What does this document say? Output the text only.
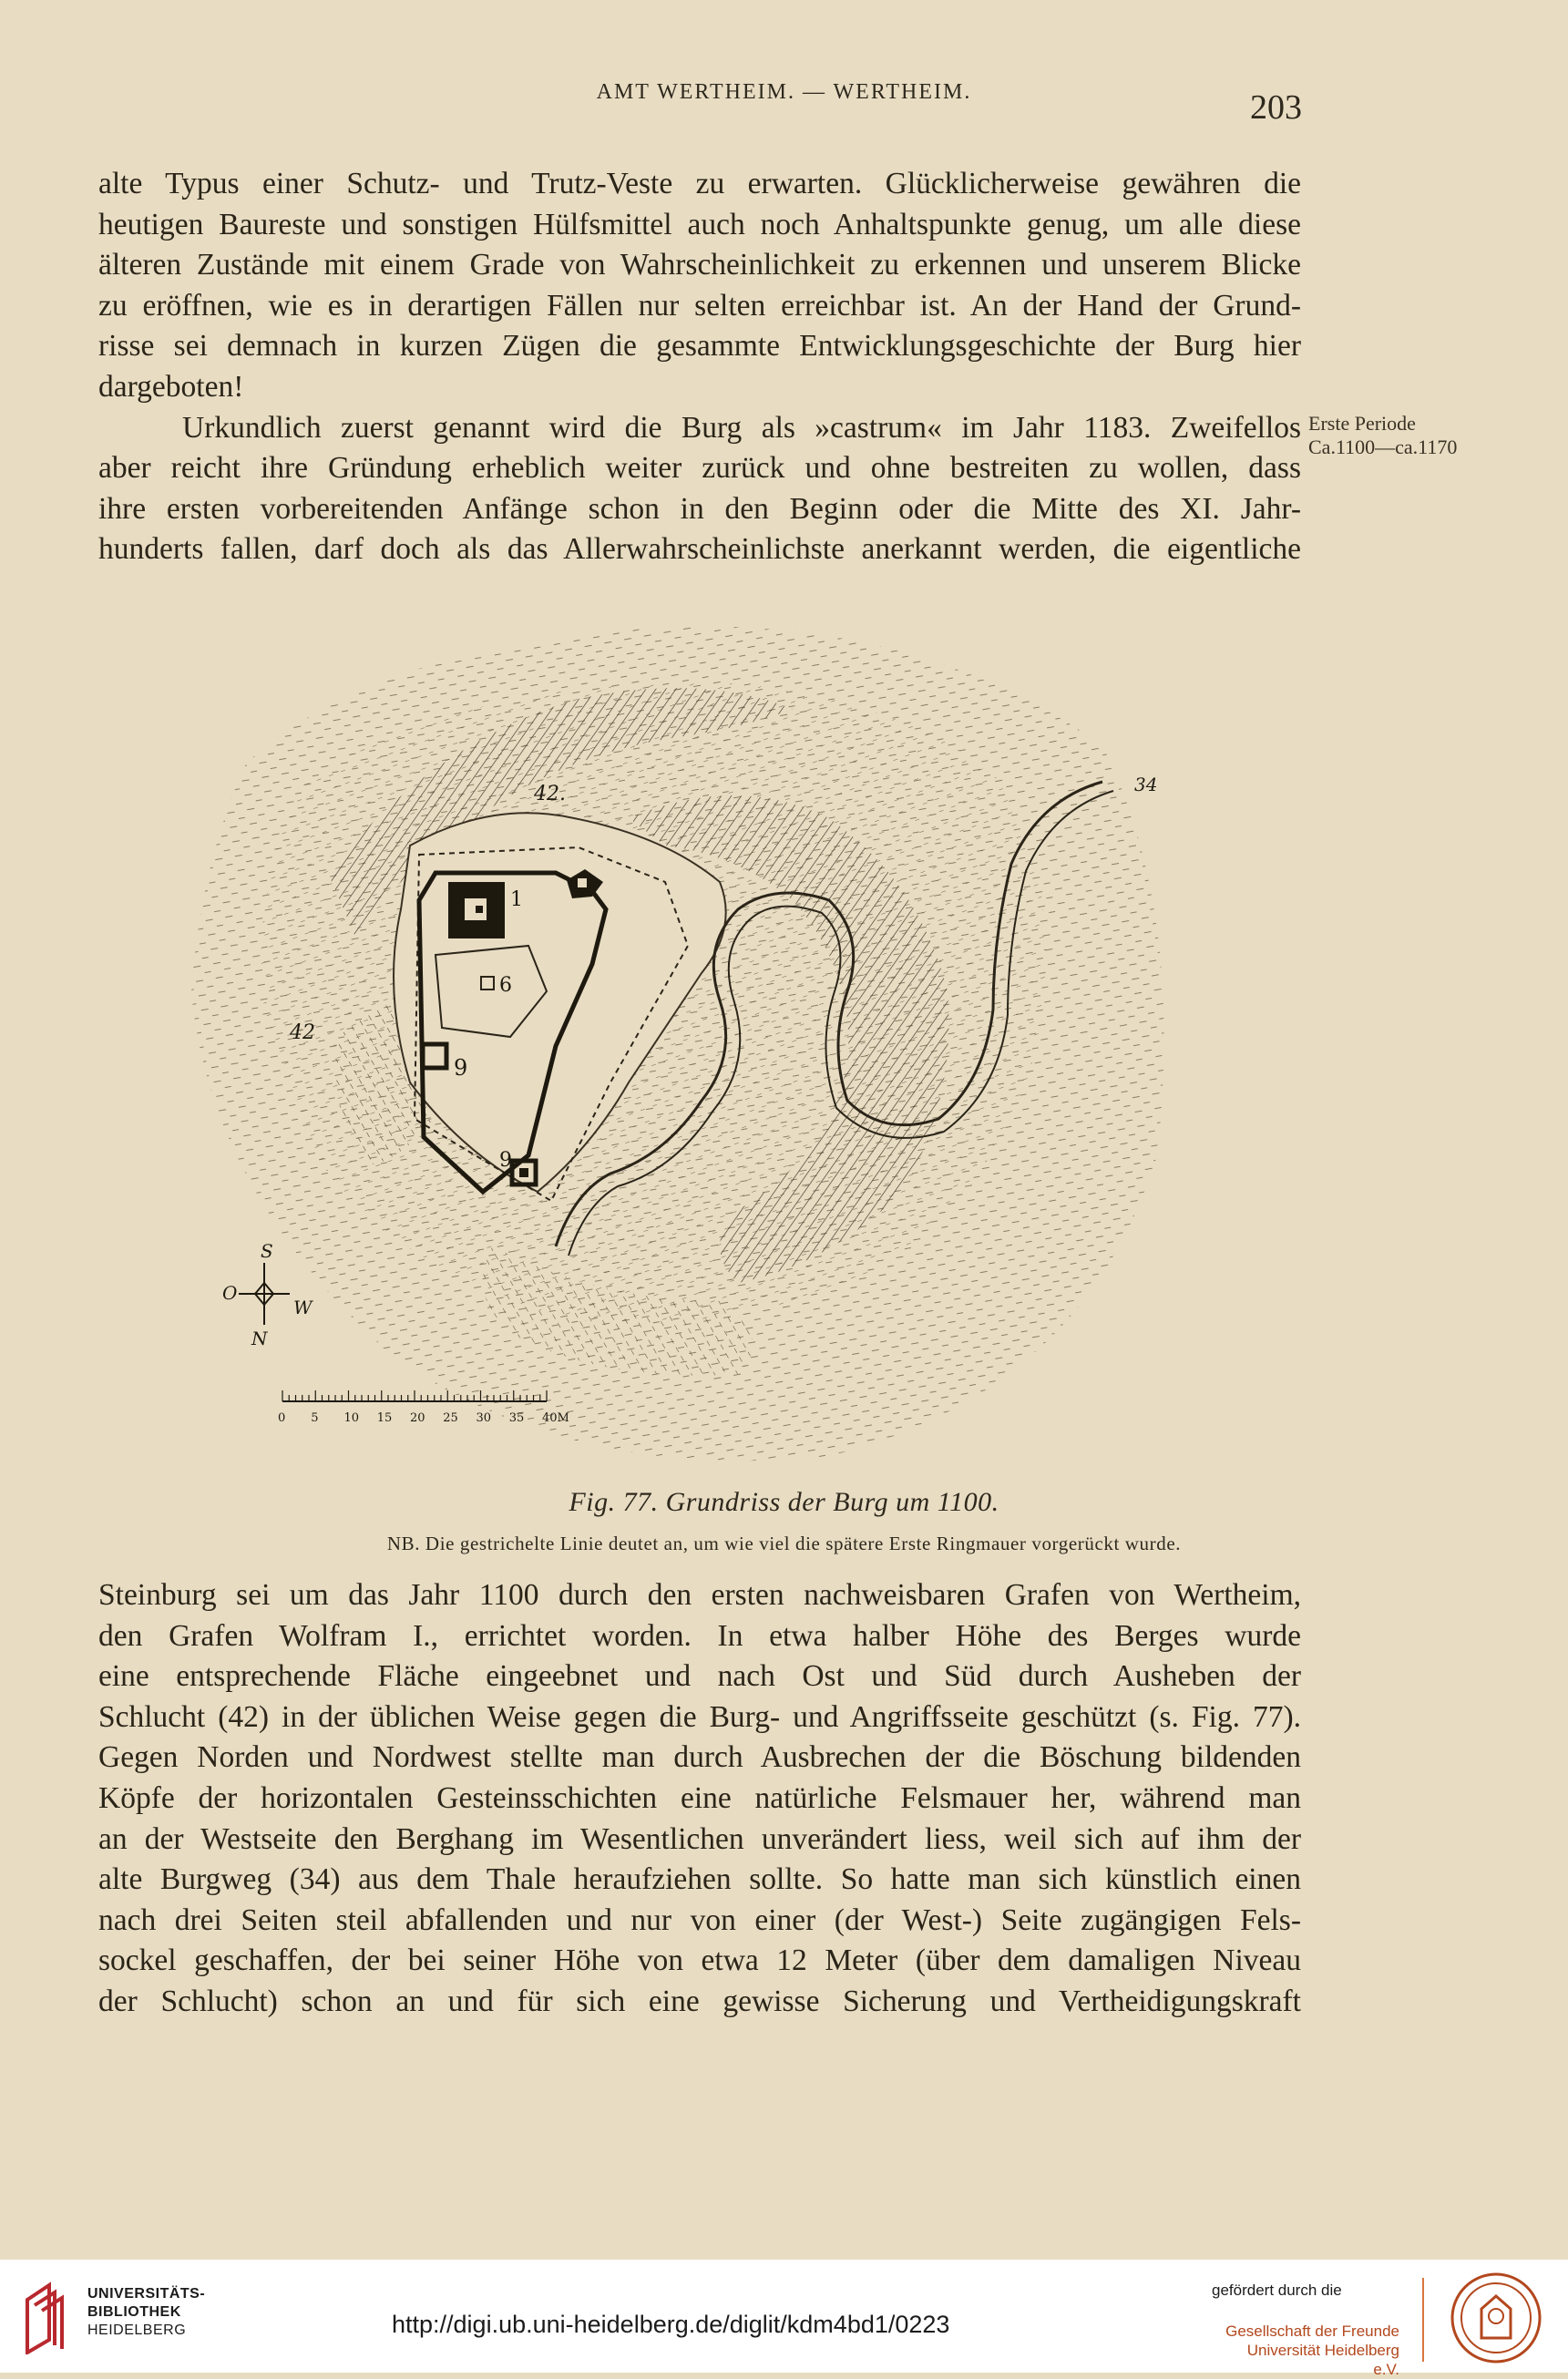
AMT WERTHEIM. — WERTHEIM.	203
alte Typus einer Schutz- und Trutz-Veste zu erwarten. Glücklicherweise gewähren die
heutigen Baureste und sonstigen Hülfsmittel auch noch Anhaltspunkte genug, um alle diese
älteren Zustände mit einem Grade von Wahrscheinlichkeit zu erkennen und unserem Blicke
zu eröffnen, wie es in derartigen Fällen nur selten erreichbar ist. An der Hand der Grund-
risse sei demnach in kurzen Zügen die gesammte Entwicklungsgeschichte der Burg hier
dargeboten!
Urkundlich zuerst genannt wird die Burg als »castrum« im Jahr 1183. Zweifellos
aber reicht ihre Gründung erheblich weiter zurück und ohne bestreiten zu wollen, dass
ihre ersten vorbereitenden Anfänge schon in den Beginn oder die Mitte des XI. Jahr-
hunderts fallen, darf doch als das Allerwahrscheinlichste anerkannt werden, die eigentliche
Erste Periode
Ca.1100—ca.1170
42.
42
34
1
6
9
9
S
O
W
N
0 5 10 15 20 25 30 35 40M
Fig. 77. Grundriss der Burg um 1100.
NB. Die gestrichelte Linie deutet an, um wie viel die spätere Erste Ringmauer vorgerückt wurde.
Steinburg sei um das Jahr 1100 durch den ersten nachweisbaren Grafen von Wertheim,
den Grafen Wolfram I., errichtet worden. In etwa halber Höhe des Berges wurde
eine entsprechende Fläche eingeebnet und nach Ost und Süd durch Ausheben der
Schlucht (42) in der üblichen Weise gegen die Burg- und Angriffsseite geschützt (s. Fig. 77).
Gegen Norden und Nordwest stellte man durch Ausbrechen der die Böschung bildenden
Köpfe der horizontalen Gesteinsschichten eine natürliche Felsmauer her, während man
an der Westseite den Berghang im Wesentlichen unverändert liess, weil sich auf ihm der
alte Burgweg (34) aus dem Thale heraufziehen sollte. So hatte man sich künstlich einen
nach drei Seiten steil abfallenden und nur von einer (der West-) Seite zugängigen Fels-
sockel geschaffen, der bei seiner Höhe von etwa 12 Meter (über dem damaligen Niveau
der Schlucht) schon an und für sich eine gewisse Sicherung und Vertheidigungskraft
UNIVERSITÄTS-
BIBLIOTHEK
HEIDELBERG	http://digi.ub.uni-heidelberg.de/diglit/kdm4bd1/0223
gefördert durch die
Gesellschaft der Freunde
Universität Heidelberg e.V.
